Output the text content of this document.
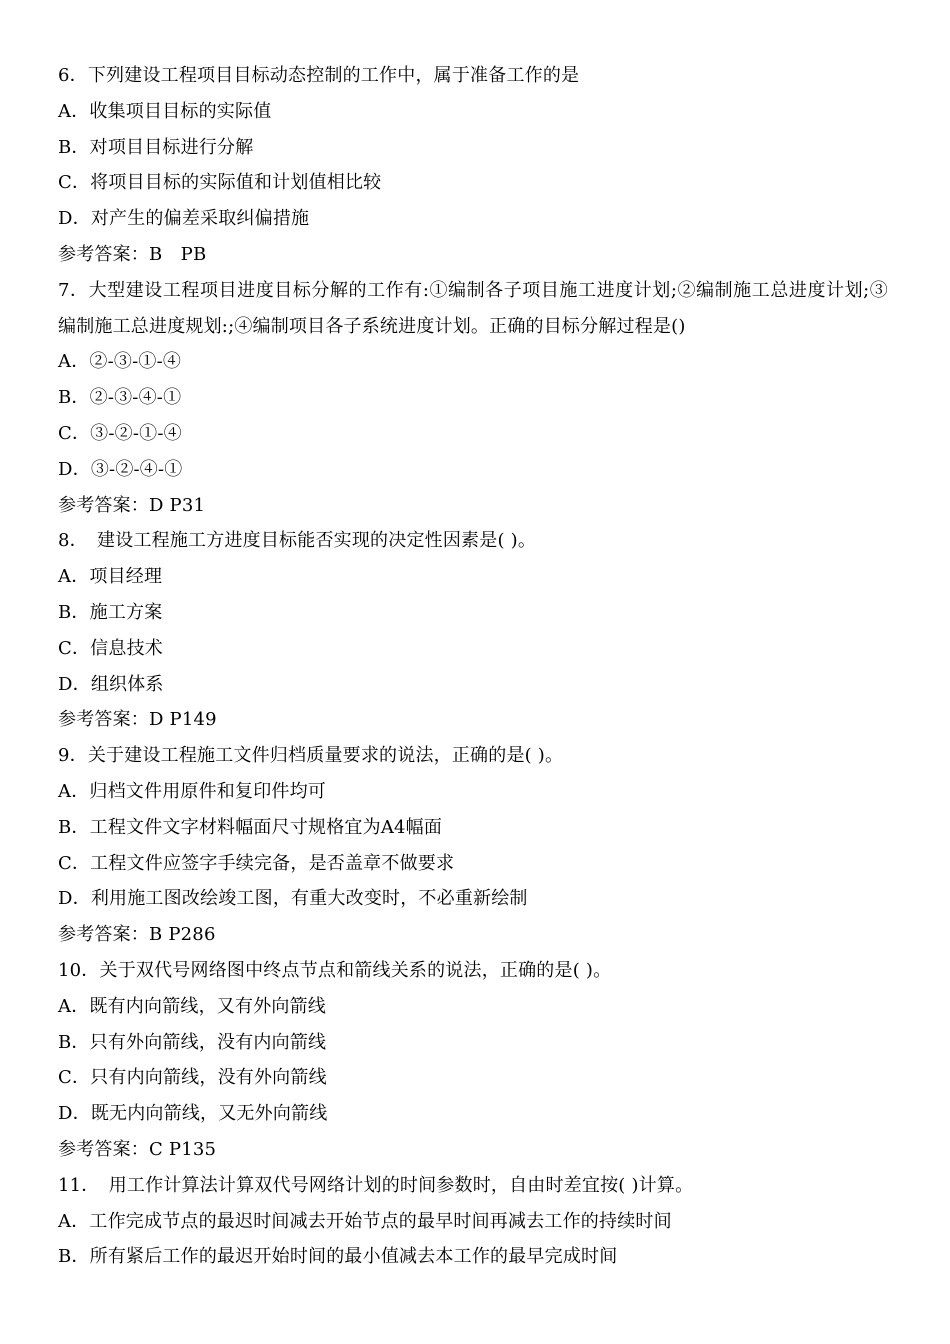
6．下列建设工程项目目标动态控制的工作中，属于准备工作的是
A．收集项目目标的实际值
B．对项目目标进行分解
C．将项目目标的实际值和计划值相比较
D．对产生的偏差采取纠偏措施
参考答案：B　PB
7．大型建设工程项目进度目标分解的工作有:①编制各子项目施工进度计划;②编制施工总进度计划;③编制施工总进度规划:;④编制项目各子系统进度计划。正确的目标分解过程是()
A．②-③-①-④
B．②-③-④-①
C．③-②-①-④
D．③-②-④-①
参考答案：D P31
8．　建设工程施工方进度目标能否实现的决定性因素是( )。
A．项目经理
B．施工方案
C．信息技术
D．组织体系
参考答案：D P149
9．关于建设工程施工文件归档质量要求的说法，正确的是( )。
A．归档文件用原件和复印件均可
B．工程文件文字材料幅面尺寸规格宜为A4幅面
C．工程文件应签字手续完备，是否盖章不做要求
D．利用施工图改绘竣工图，有重大改变时，不必重新绘制
参考答案：B P286
10．关于双代号网络图中终点节点和箭线关系的说法，正确的是( )。
A．既有内向箭线，又有外向箭线
B．只有外向箭线，没有内向箭线
C．只有内向箭线，没有外向箭线
D．既无内向箭线，又无外向箭线
参考答案：C P135
11．　用工作计算法计算双代号网络计划的时间参数时，自由时差宜按( )计算。
A．工作完成节点的最迟时间减去开始节点的最早时间再减去工作的持续时间
B．所有紧后工作的最迟开始时间的最小值减去本工作的最早完成时间
